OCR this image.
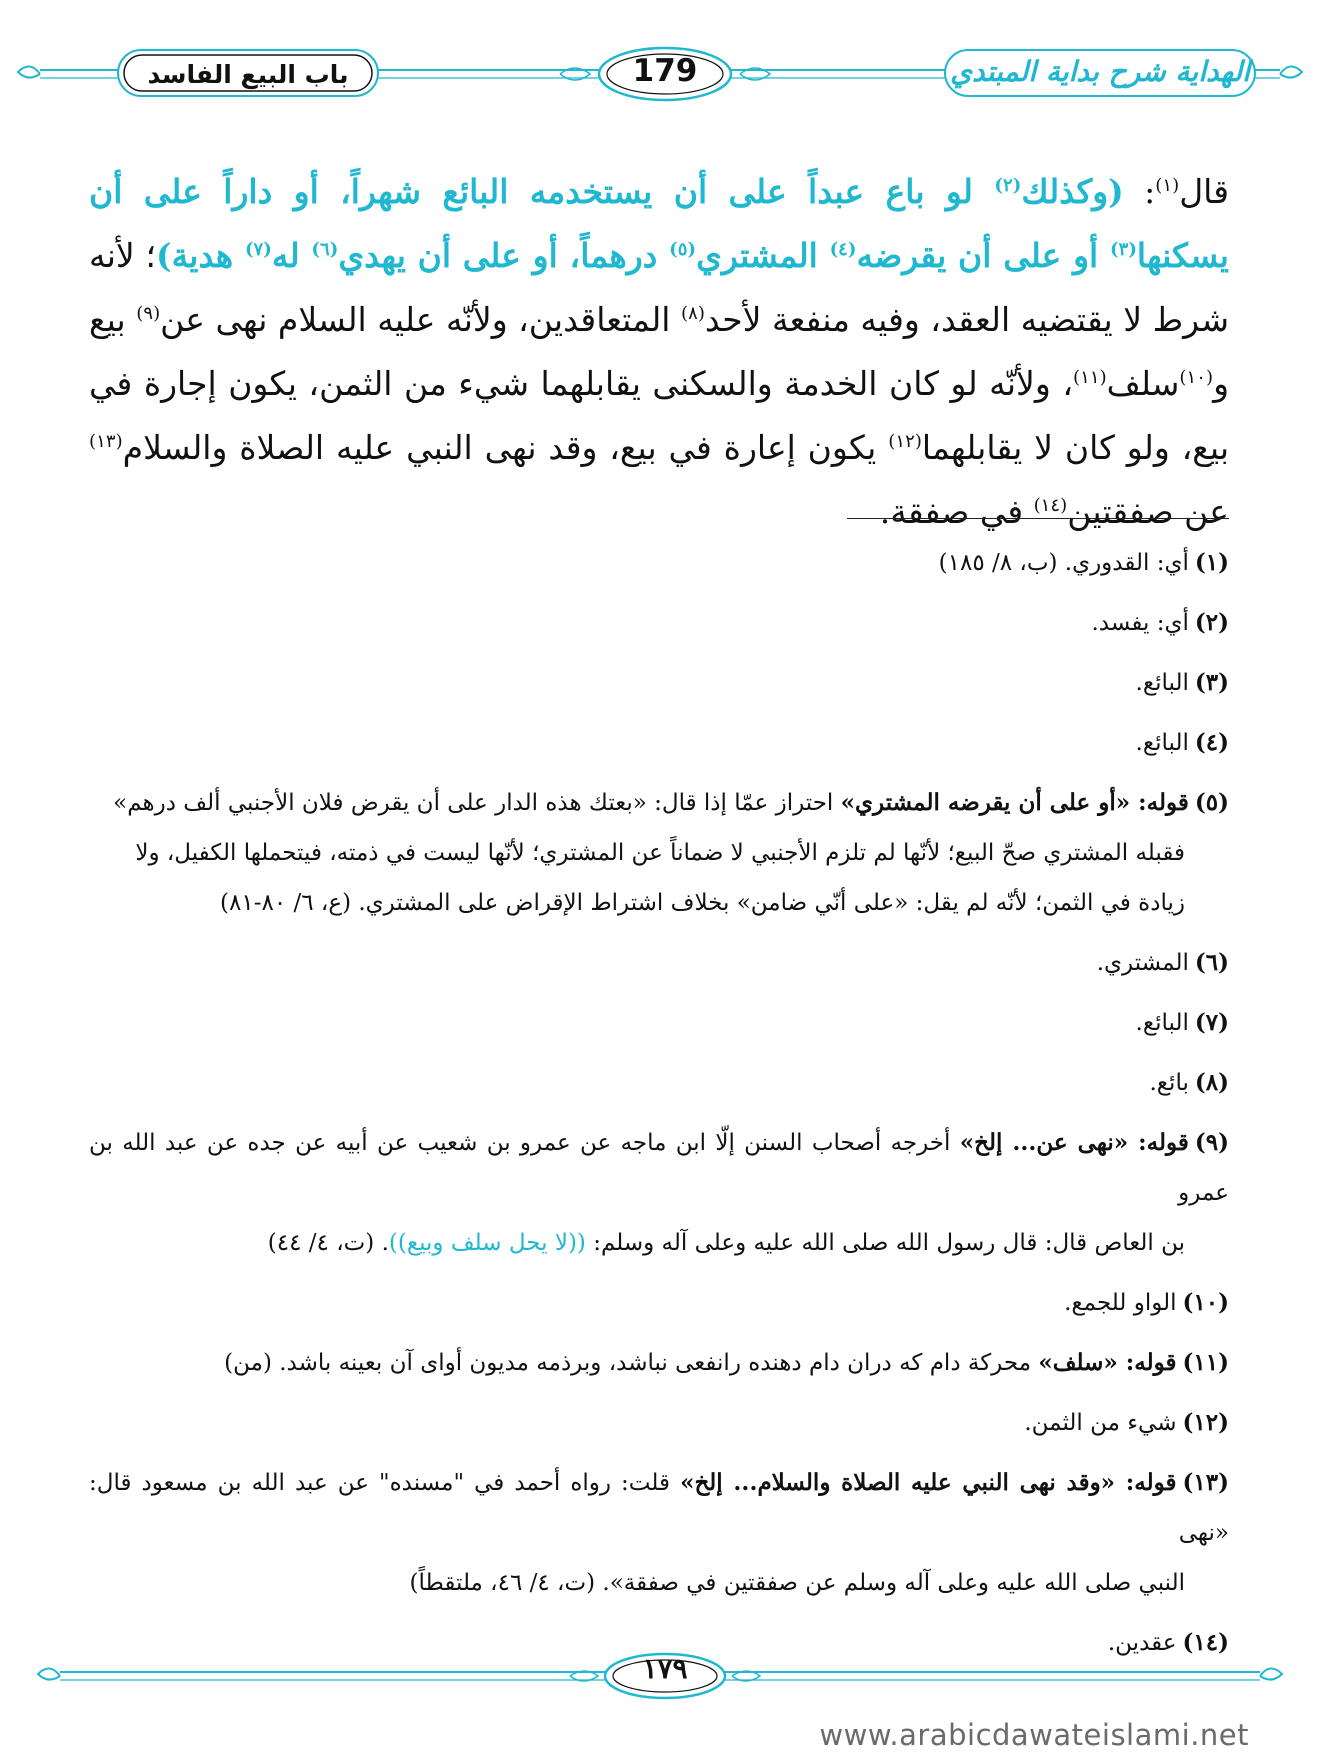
الهداية شرح بداية المبتدي
179
باب البيع الفاسد
قال$^{(١)}$: (وكذلك$^{(٢)}$ لو باع عبداً على أن يستخدمه البائع شهراً، أو داراً على أن يسكنها$^{(٣)}$ أو على أن يقرضه$^{(٤)}$ المشتري$^{(٥)}$ درهماً، أو على أن يهدي$^{(٦)}$ له$^{(٧)}$ هدية)؛ لأنه شرط لا يقتضيه العقد، وفيه منفعة لأحد$^{(٨)}$ المتعاقدين، ولأنّه عليه السلام نهى عن$^{(٩)}$ بيع و$^{(١٠)}$سلف$^{(١١)}$، ولأنّه لو كان الخدمة والسكنى يقابلهما شيء من الثمن، يكون إجارة في بيع، ولو كان لا يقابلهما$^{(١٢)}$ يكون إعارة في بيع، وقد نهى النبي عليه الصلاة والسلام$^{(١٣)}$ عن صفقتين$^{(١٤)}$ في صفقة.
(١)أي: القدوري. (ب، ٨/ ١٨٥)
(٢)أي: يفسد.
(٣)البائع.
(٤)البائع.
(٥)قوله: «أو على أن يقرضه المشتري» احتراز عمّا إذا قال: «بعتك هذه الدار على أن يقرض فلان الأجنبي ألف درهم»
فقبله المشتري صحّ البيع؛ لأنّها لم تلزم الأجنبي لا ضماناً عن المشتري؛ لأنّها ليست في ذمته، فيتحملها الكفيل، ولا
زيادة في الثمن؛ لأنّه لم يقل: «على أنّي ضامن» بخلاف اشتراط الإقراض على المشتري. (ع، ٦/ ٨٠-٨١)
(٦)المشتري.
(٧)البائع.
(٨)بائع.
(٩)قوله: «نهى عن... إلخ» أخرجه أصحاب السنن إلّا ابن ماجه عن عمرو بن شعيب عن أبيه عن جده عن عبد الله بن عمرو
بن العاص قال: قال رسول الله صلى الله عليه وعلى آله وسلم: ((لا يحل سلف وبيع)). (ت، ٤/ ٤٤)
(١٠)الواو للجمع.
(١١)قوله: «سلف» محركة دام كه دران دام دهنده رانفعى نباشد، وبرذمه مديون أوای آن بعينه باشد. (من)
(١٢)شيء من الثمن.
(١٣)قوله: «وقد نهى النبي عليه الصلاة والسلام... إلخ» قلت: رواه أحمد في "مسنده" عن عبد الله بن مسعود قال: «نهى
النبي صلى الله عليه وعلى آله وسلم عن صفقتين في صفقة». (ت، ٤/ ٤٦، ملتقطاً)
(١٤)عقدين.
١٧٩
www.arabicdawateislami.net
